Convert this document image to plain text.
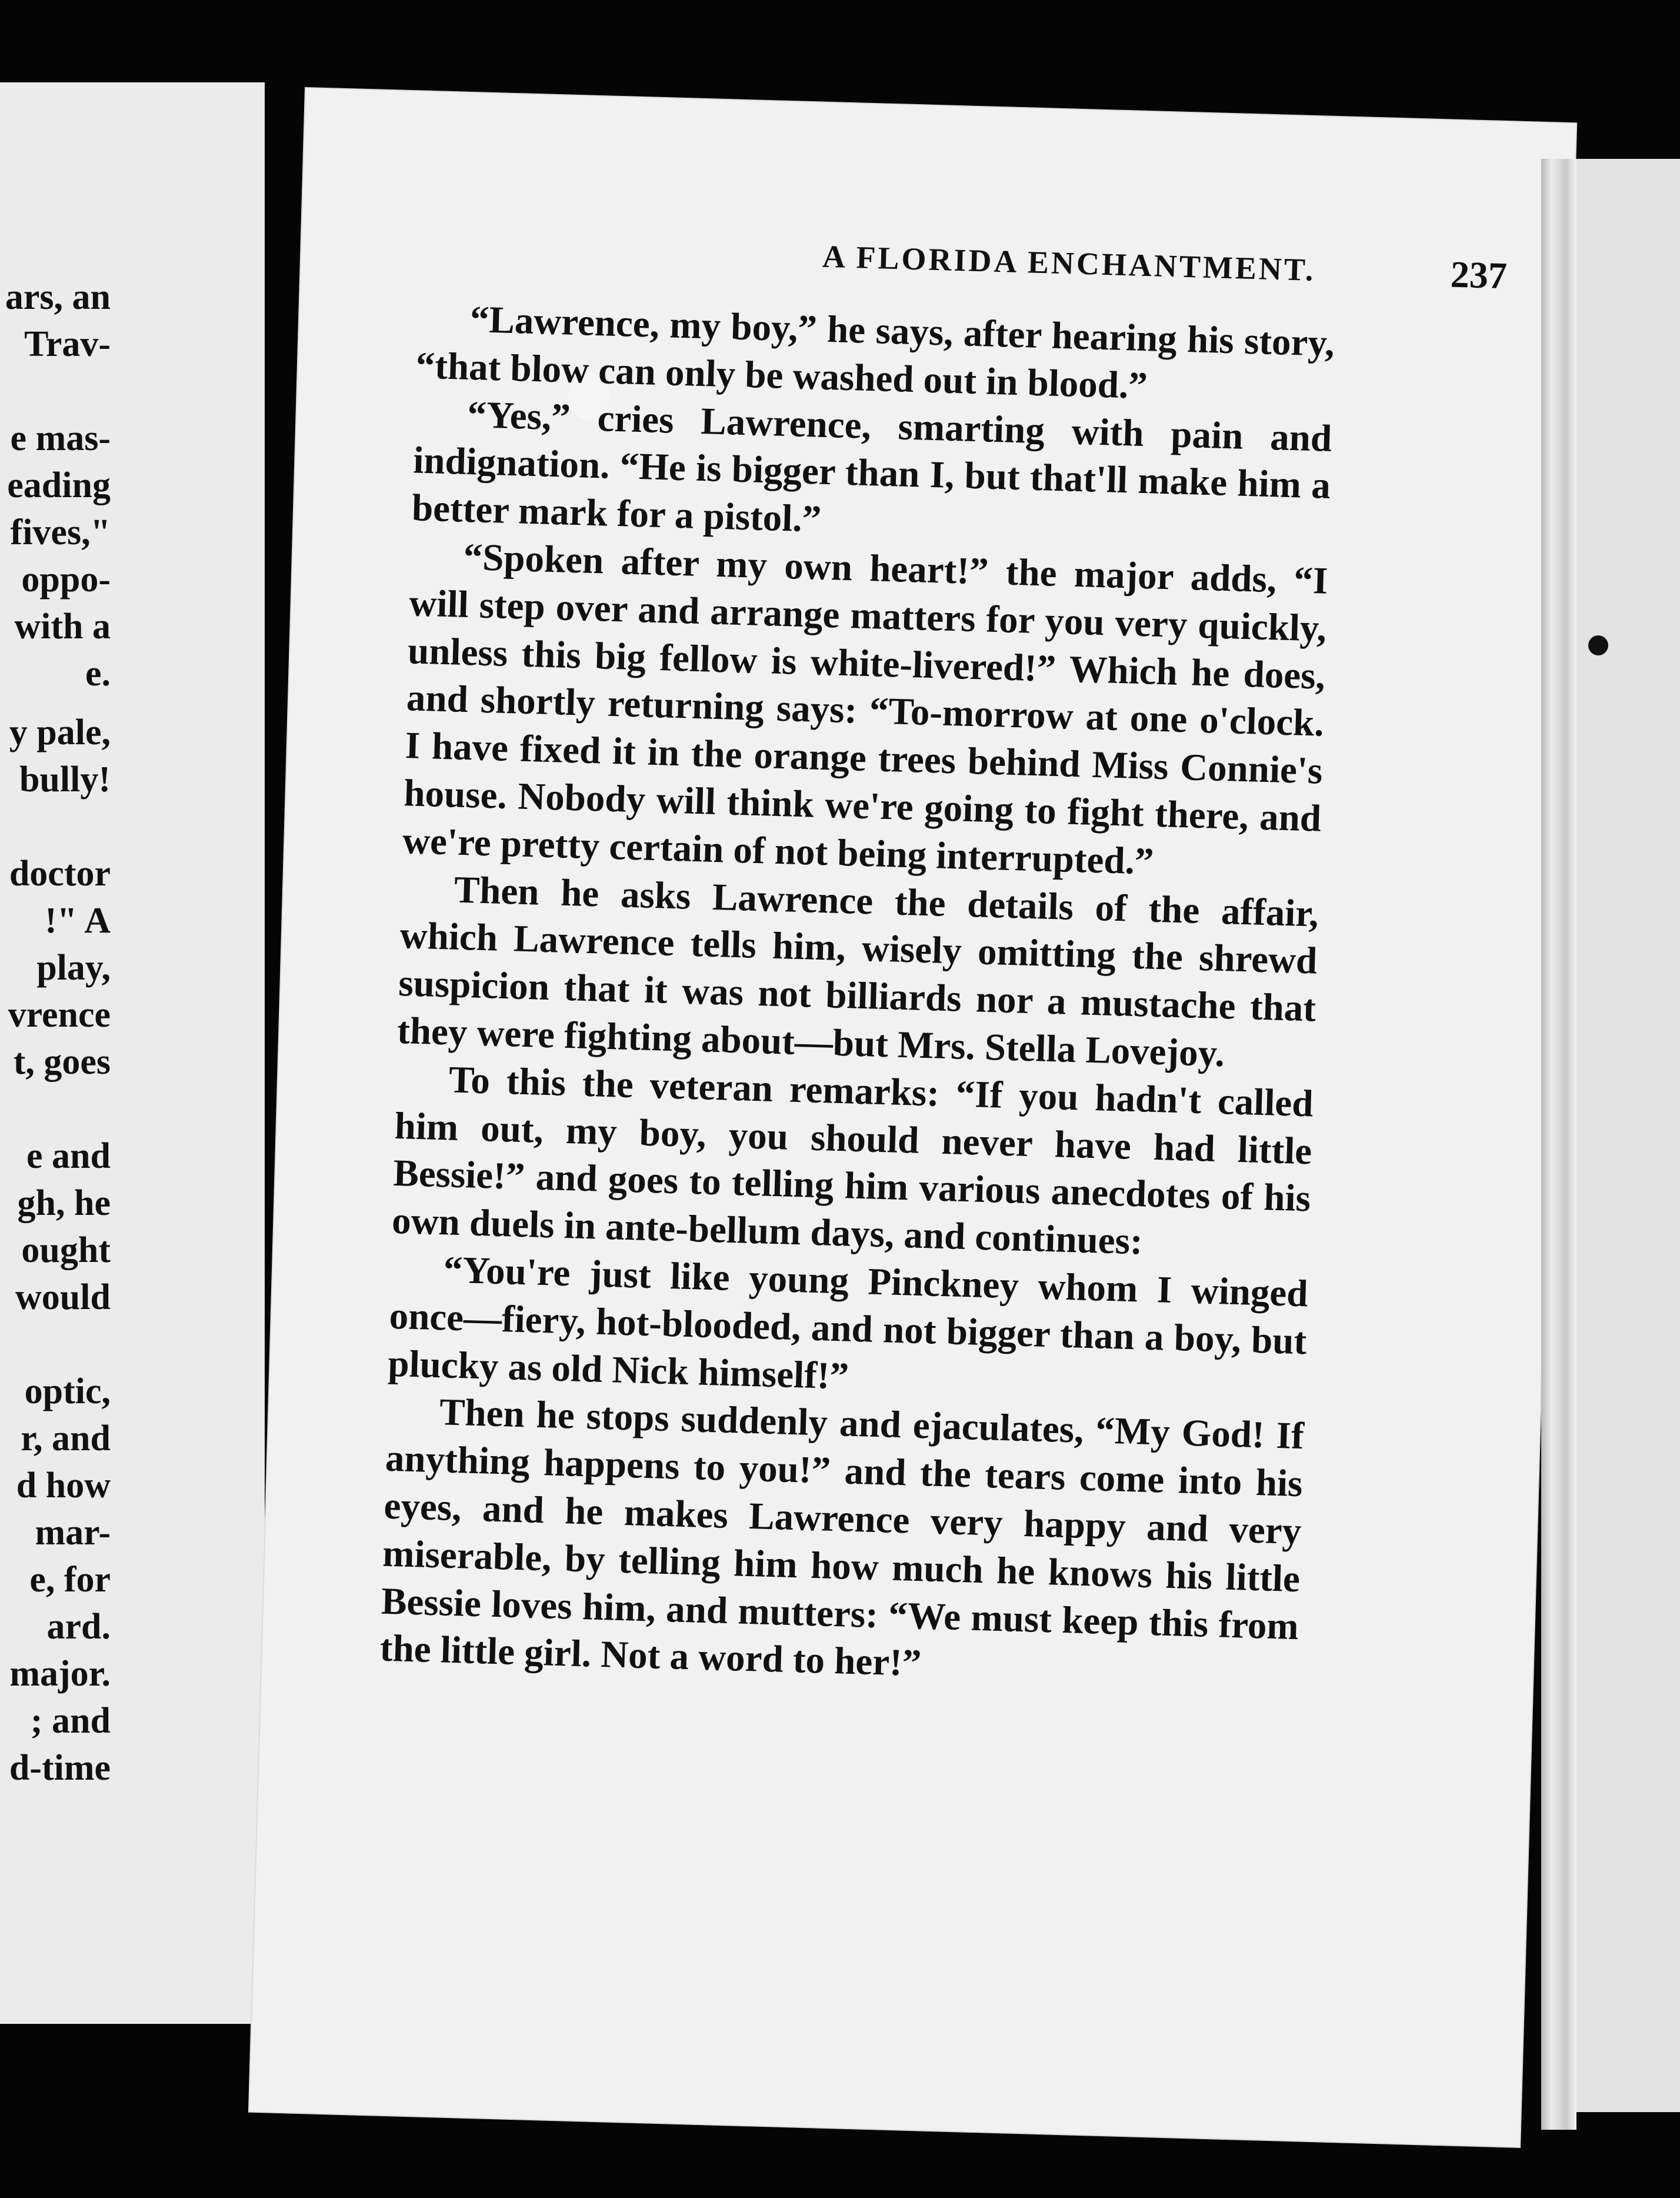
ars, an
Trav-
e mas-
eading
fives,"
oppo-
with a
e.
y pale,
bully!
doctor
!" A
play,
vrence
t, goes
e and
gh, he
ought
would
optic,
r, and
d how
mar-
e, for
ard.
major.
; and
d-time
A FLORIDA ENCHANTMENT.	237

“Lawrence, my boy,” he says, after hearing his story, “that blow can only be washed out in blood.”

“Yes,” cries Lawrence, smarting with pain and indignation. “He is bigger than I, but that'll make him a better mark for a pistol.”

“Spoken after my own heart!” the major adds, “I will step over and arrange matters for you very quickly, unless this big fellow is white-livered!” Which he does, and shortly returning says: “To-morrow at one o'clock. I have fixed it in the orange trees behind Miss Connie's house. Nobody will think we're going to fight there, and we're pretty certain of not being interrupted.”

Then he asks Lawrence the details of the affair, which Lawrence tells him, wisely omitting the shrewd suspicion that it was not billiards nor a mustache that they were fighting about—but Mrs. Stella Lovejoy.

To this the veteran remarks: “If you hadn't called him out, my boy, you should never have had little Bessie!” and goes to telling him various anecdotes of his own duels in ante-bellum days, and continues:

“You're just like young Pinckney whom I winged once—fiery, hot-blooded, and not bigger than a boy, but plucky as old Nick himself!”

Then he stops suddenly and ejaculates, “My God! If anything happens to you!” and the tears come into his eyes, and he makes Lawrence very happy and very miserable, by telling him how much he knows his little Bessie loves him, and mutters: “We must keep this from the little girl. Not a word to her!”
